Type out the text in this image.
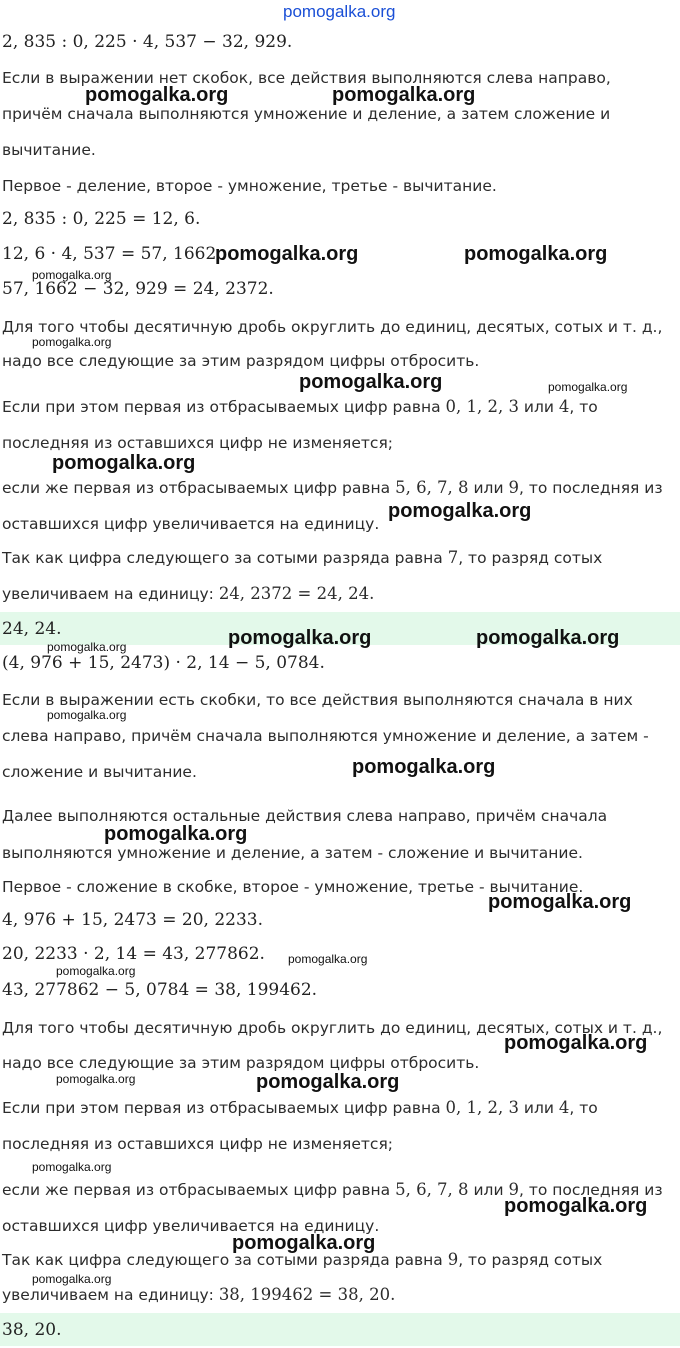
pomogalka.org
2, 835 : 0, 225 · 4, 537 − 32, 929.
Если в выражении нет скобок, все действия выполняются слева направо,
причём сначала выполняются умножение и деление, а затем сложение и
вычитание.
Первое - деление, второе - умножение, третье - вычитание.
2, 835 : 0, 225 = 12, 6.
12, 6 · 4, 537 = 57, 1662
57, 1662 − 32, 929 = 24, 2372.
Для того чтобы десятичную дробь округлить до единиц, десятых, сотых и т. д.,
надо все следующие за этим разрядом цифры отбросить.
Если при этом первая из отбрасываемых цифр равна 0, 1, 2, 3 или 4, то
последняя из оставшихся цифр не изменяется;
если же первая из отбрасываемых цифр равна 5, 6, 7, 8 или 9, то последняя из
оставшихся цифр увеличивается на единицу.
Так как цифра следующего за сотыми разряда равна 7, то разряд сотых
увеличиваем на единицу: 24, 2372 = 24, 24.
24, 24.
(4, 976 + 15, 2473) · 2, 14 − 5, 0784.
Если в выражении есть скобки, то все действия выполняются сначала в них
слева направо, причём сначала выполняются умножение и деление, а затем -
сложение и вычитание.
Далее выполняются остальные действия слева направо, причём сначала
выполняются умножение и деление, а затем - сложение и вычитание.
Первое - сложение в скобке, второе - умножение, третье - вычитание.
4, 976 + 15, 2473 = 20, 2233.
20, 2233 · 2, 14 = 43, 277862.
43, 277862 − 5, 0784 = 38, 199462.
Для того чтобы десятичную дробь округлить до единиц, десятых, сотых и т. д.,
надо все следующие за этим разрядом цифры отбросить.
Если при этом первая из отбрасываемых цифр равна 0, 1, 2, 3 или 4, то
последняя из оставшихся цифр не изменяется;
если же первая из отбрасываемых цифр равна 5, 6, 7, 8 или 9, то последняя из
оставшихся цифр увеличивается на единицу.
Так как цифра следующего за сотыми разряда равна 9, то разряд сотых
увеличиваем на единицу: 38, 199462 = 38, 20.
38, 20.
pomogalka.org	pomogalka.org
pomogalka.org	pomogalka.org
pomogalka.org
pomogalka.org
pomogalka.org	pomogalka.org
pomogalka.org
pomogalka.org
pomogalka.org	pomogalka.org
pomogalka.org
pomogalka.org
pomogalka.org
pomogalka.org
pomogalka.org
pomogalka.org
pomogalka.org
pomogalka.org
pomogalka.org	pomogalka.org
pomogalka.org
pomogalka.org
pomogalka.org
pomogalka.org
